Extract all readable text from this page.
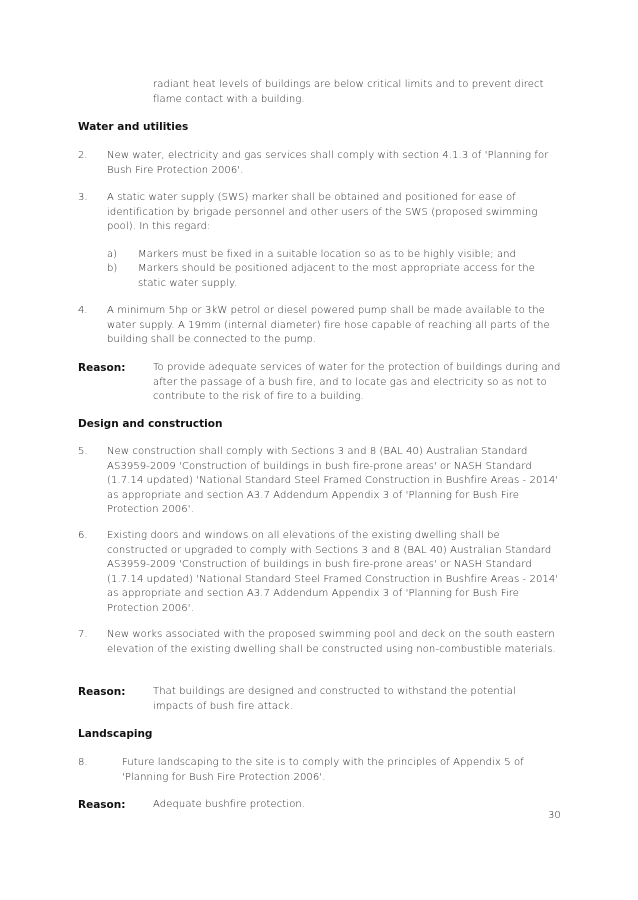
radiant heat levels of buildings are below critical limits and to prevent direct flame contact with a building.
Water and utilities
2. New water, electricity and gas services shall comply with section 4.1.3 of 'Planning for Bush Fire Protection 2006'.
3. A static water supply (SWS) marker shall be obtained and positioned for ease of identification by brigade personnel and other users of the SWS (proposed swimming pool). In this regard:
a) Markers must be fixed in a suitable location so as to be highly visible; and
b) Markers should be positioned adjacent to the most appropriate access for the static water supply.
4. A minimum 5hp or 3kW petrol or diesel powered pump shall be made available to the water supply. A 19mm (internal diameter) fire hose capable of reaching all parts of the building shall be connected to the pump.
Reason:	To provide adequate services of water for the protection of buildings during and after the passage of a bush fire, and to locate gas and electricity so as not to contribute to the risk of fire to a building.
Design and construction
5. New construction shall comply with Sections 3 and 8 (BAL 40) Australian Standard AS3959-2009 'Construction of buildings in bush fire-prone areas' or NASH Standard (1.7.14 updated) 'National Standard Steel Framed Construction in Bushfire Areas - 2014' as appropriate and section A3.7 Addendum Appendix 3 of 'Planning for Bush Fire Protection 2006'.
6. Existing doors and windows on all elevations of the existing dwelling shall be constructed or upgraded to comply with Sections 3 and 8 (BAL 40) Australian Standard AS3959-2009 'Construction of buildings in bush fire-prone areas' or NASH Standard (1.7.14 updated) 'National Standard Steel Framed Construction in Bushfire Areas - 2014' as appropriate and section A3.7 Addendum Appendix 3 of 'Planning for Bush Fire Protection 2006'.
7. New works associated with the proposed swimming pool and deck on the south eastern elevation of the existing dwelling shall be constructed using non-combustible materials.
Reason:	That buildings are designed and constructed to withstand the potential impacts of bush fire attack.
Landscaping
8.	Future landscaping to the site is to comply with the principles of Appendix 5 of 'Planning for Bush Fire Protection 2006'.
Reason:	Adequate bushfire protection.
30
